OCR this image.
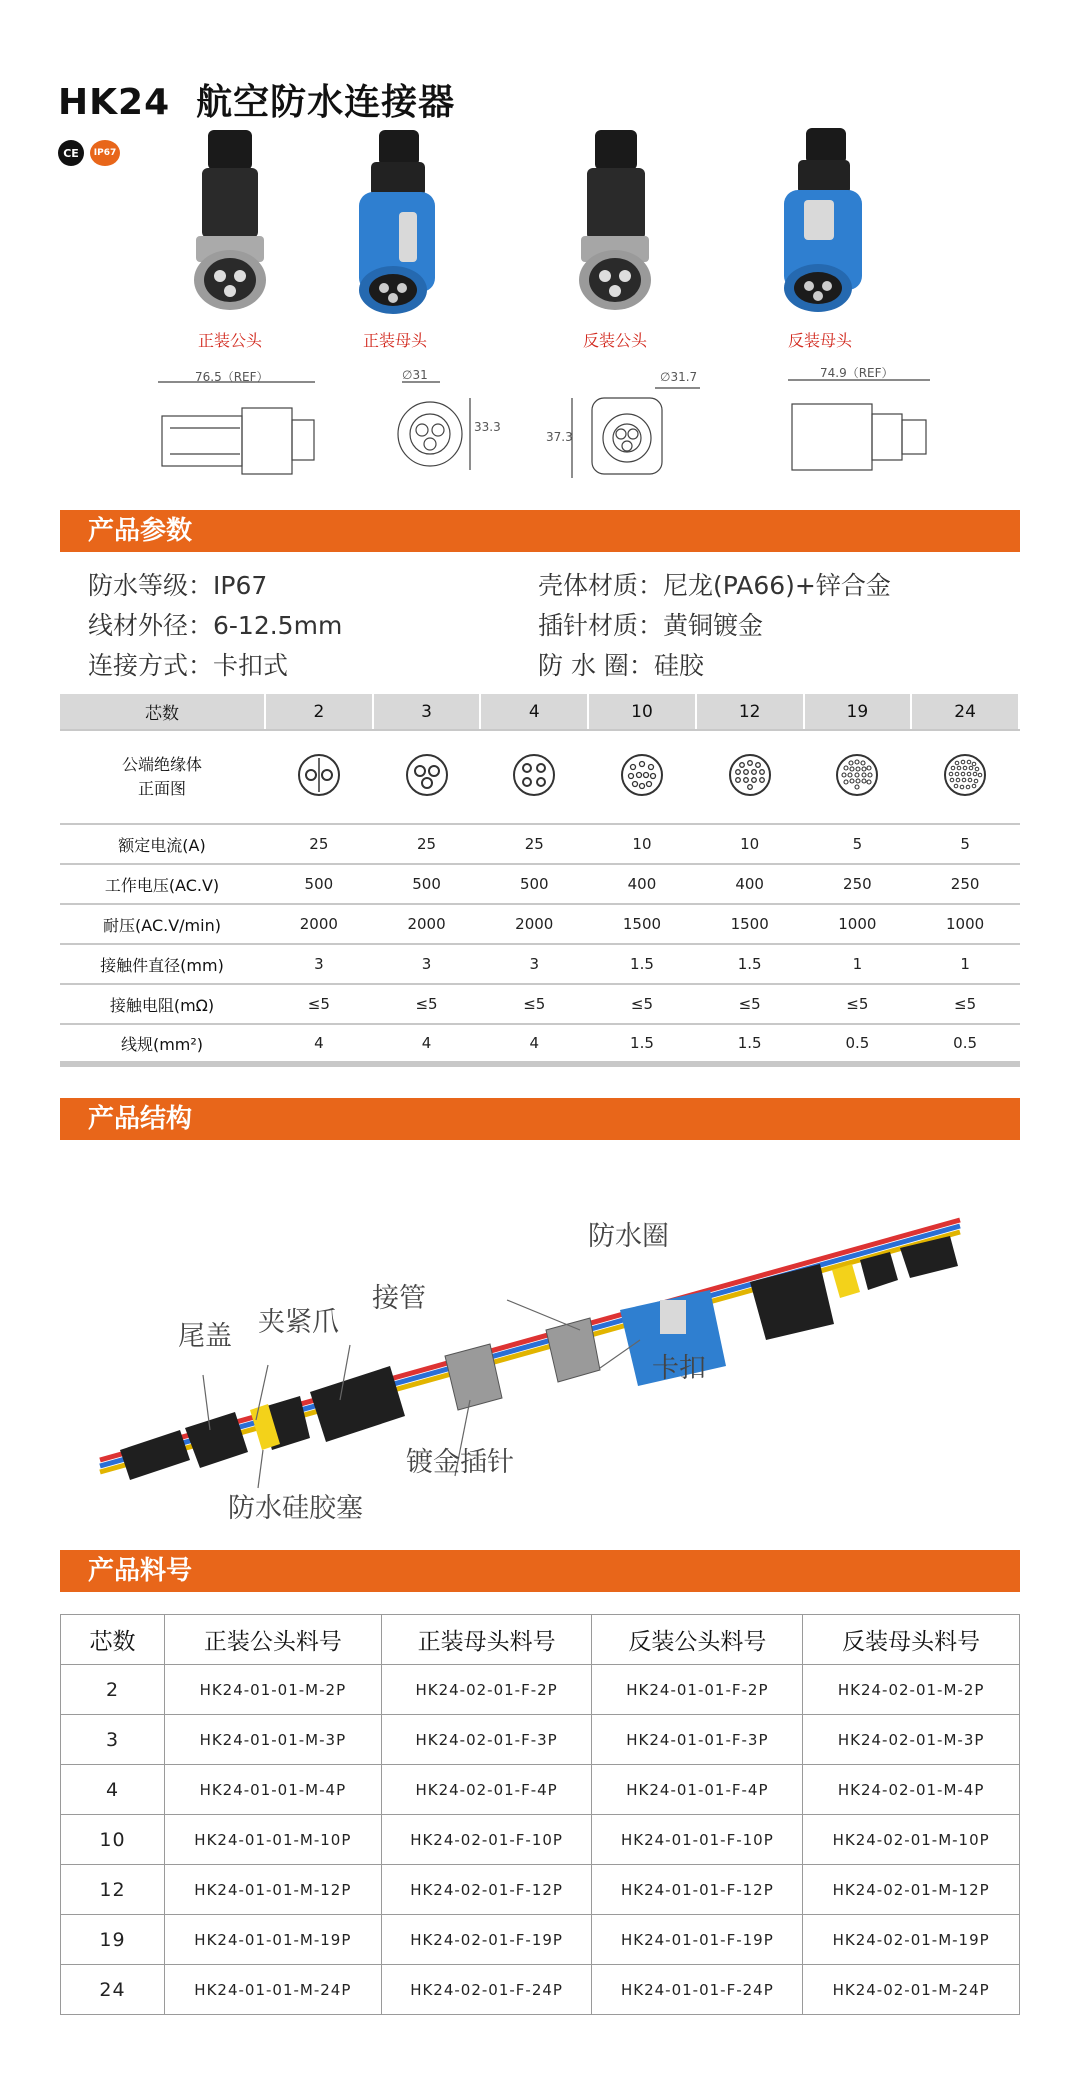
HK24 航空防水连接器
CE	IP67
正装公头	正装母头	反装公头	反装母头
76.5（REF）	∅31
33.3
37.3
∅31.7	74.9（REF）
产品参数
防水等级：IP67	壳体材质：尼龙(PA66)+锌合金
线材外径：6-12.5mm	插针材质：黄铜镀金
连接方式：卡扣式	防 水 圈：硅胶
芯数	2	3	4	10	12	19	24
公端绝缘体
正面图							
额定电流(A)	25	25	25	10	10	5	5
工作电压(AC.V)	500	500	500	400	400	250	250
耐压(AC.V/min)	2000	2000	2000	1500	1500	1000	1000
接触件直径(mm)	3	3	3	1.5	1.5	1	1
接触电阻(mΩ)	≤5	≤5	≤5	≤5	≤5	≤5	≤5
线规(mm²)	4	4	4	1.5	1.5	0.5	0.5
产品结构
防水圈
尾盖 夹紧爪
接管
卡扣
镀金插针
防水硅胶塞
产品料号
芯数	正装公头料号	正装母头料号	反装公头料号	反装母头料号
2	HK24-01-01-M-2P	HK24-02-01-F-2P	HK24-01-01-F-2P	HK24-02-01-M-2P
3	HK24-01-01-M-3P	HK24-02-01-F-3P	HK24-01-01-F-3P	HK24-02-01-M-3P
4	HK24-01-01-M-4P	HK24-02-01-F-4P	HK24-01-01-F-4P	HK24-02-01-M-4P
10	HK24-01-01-M-10P	HK24-02-01-F-10P	HK24-01-01-F-10P	HK24-02-01-M-10P
12	HK24-01-01-M-12P	HK24-02-01-F-12P	HK24-01-01-F-12P	HK24-02-01-M-12P
19	HK24-01-01-M-19P	HK24-02-01-F-19P	HK24-01-01-F-19P	HK24-02-01-M-19P
24	HK24-01-01-M-24P	HK24-02-01-F-24P	HK24-01-01-F-24P	HK24-02-01-M-24P
